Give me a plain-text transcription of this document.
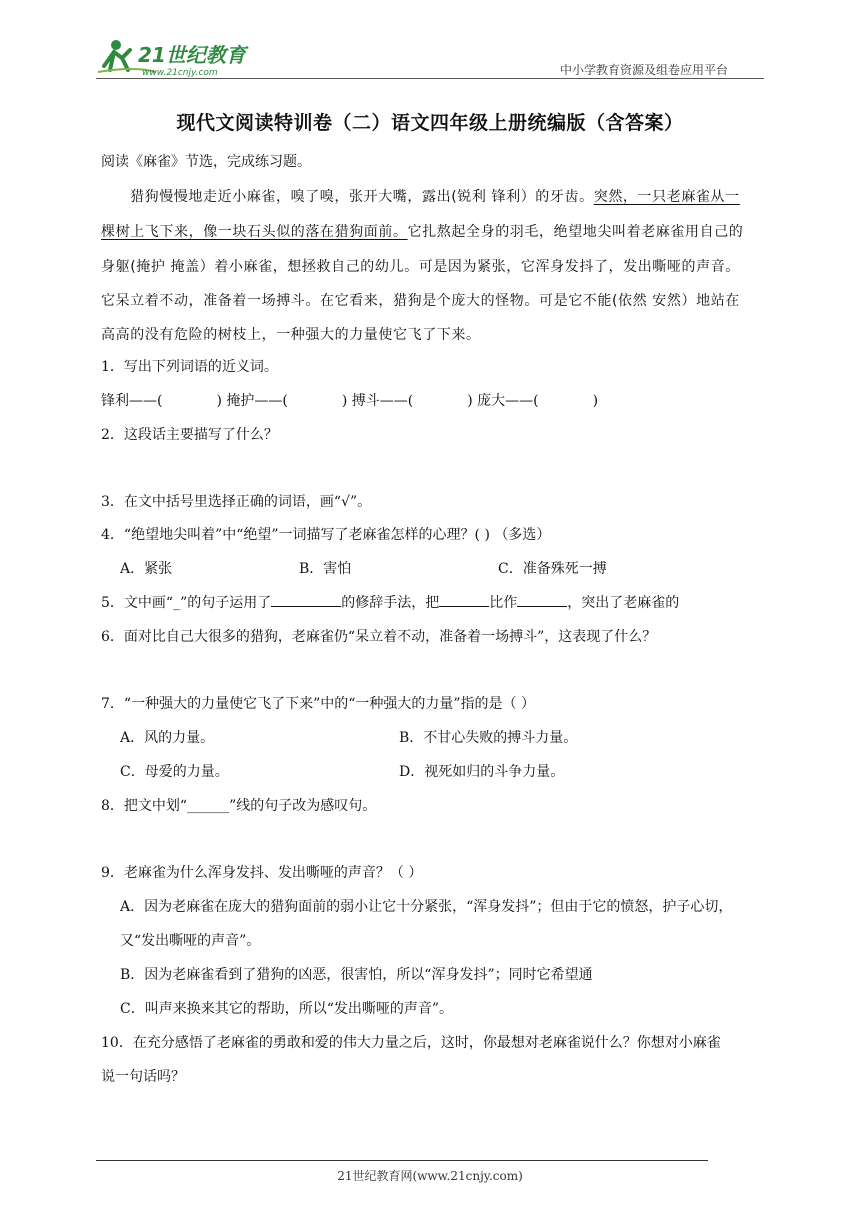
21世纪教育
www.21cnjy.com	中小学教育资源及组卷应用平台
现代文阅读特训卷（二）语文四年级上册统编版（含答案）
阅读《麻雀》节选，完成练习题。
猎狗慢慢地走近小麻雀，嗅了嗅，张开大嘴，露出(锐利 锋利）的牙齿。突然，一只老麻雀从一
棵树上飞下来，像一块石头似的落在猎狗面前。它扎熬起全身的羽毛，绝望地尖叫着老麻雀用自己的
身躯(掩护 掩盖）着小麻雀，想拯救自己的幼儿。可是因为紧张，它浑身发抖了，发出嘶哑的声音。
它呆立着不动，准备着一场搏斗。在它看来，猎狗是个庞大的怪物。可是它不能(依然 安然）地站在
高高的没有危险的树枝上，一种强大的力量使它飞了下来。
1．写出下列词语的近义词。
锋利——(	) 掩护——(	) 搏斗——(	) 庞大——(	)
2．这段话主要描写了什么？
3．在文中括号里选择正确的词语，画“√”。
4．“绝望地尖叫着”中“绝望”一词描写了老麻雀怎样的心理？( ) （多选）
A．紧张	B．害怕	C．准备殊死一搏
5．文中画“_”的句子运用了	的修辞手法，把	比作	，突出了老麻雀的
6．面对比自己大很多的猎狗，老麻雀仍“呆立着不动，准备着一场搏斗”，这表现了什么？
7．“一种强大的力量使它飞了下来”中的“一种强大的力量”指的是（ ）
A．风的力量。	B．不甘心失败的搏斗力量。
C．母爱的力量。	D．视死如归的斗争力量。
8．把文中划“______”线的句子改为感叹句。
9．老麻雀为什么浑身发抖、发出嘶哑的声音？（ ）
A．因为老麻雀在庞大的猎狗面前的弱小让它十分紧张，“浑身发抖”；但由于它的愤怒，护子心切，
又“发出嘶哑的声音”。
B．因为老麻雀看到了猎狗的凶恶，很害怕，所以“浑身发抖”；同时它希望通
C．叫声来换来其它的帮助，所以“发出嘶哑的声音”。
10．在充分感悟了老麻雀的勇敢和爱的伟大力量之后，这时，你最想对老麻雀说什么？你想对小麻雀
说一句话吗？
21世纪教育网(www.21cnjy.com)
